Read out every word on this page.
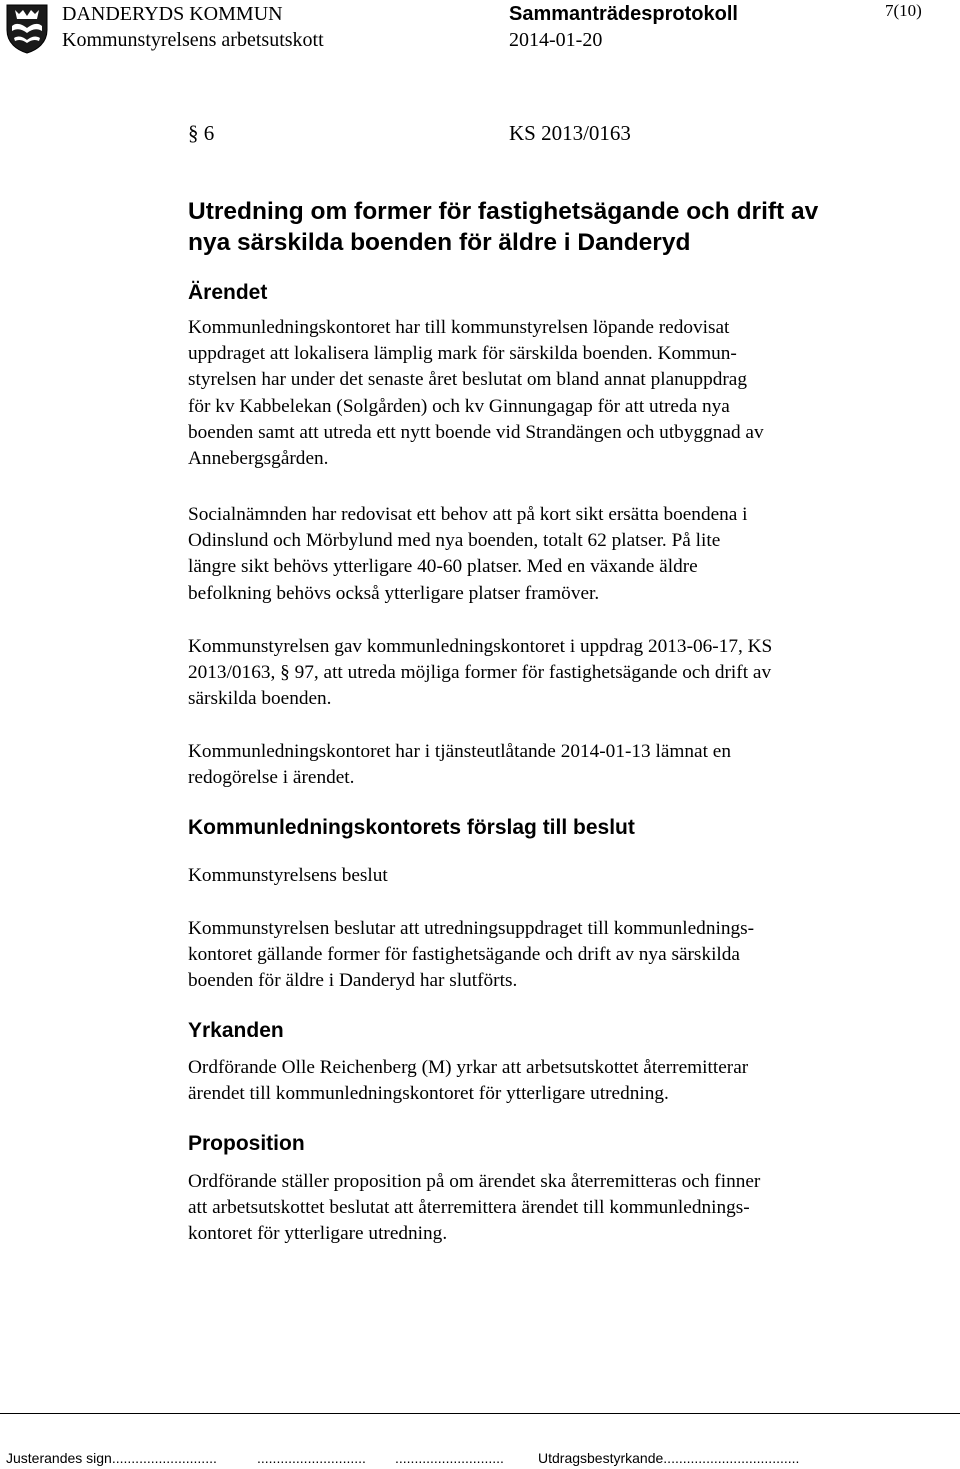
DANDERYDS KOMMUN
Kommunstyrelsens arbetsutskott
Sammanträdesprotokoll
2014-01-20
7(10)
§ 6	KS 2013/0163
Utredning om former för fastighetsägande och drift av
nya särskilda boenden för äldre i Danderyd
Ärendet
Kommunledningskontoret har till kommunstyrelsen löpande redovisat
uppdraget att lokalisera lämplig mark för särskilda boenden. Kommun-
styrelsen har under det senaste året beslutat om bland annat planuppdrag
för kv Kabbelekan (Solgården) och kv Ginnungagap för att utreda nya
boenden samt att utreda ett nytt boende vid Strandängen och utbyggnad av
Annebergsgården.
Socialnämnden har redovisat ett behov att på kort sikt ersätta boendena i
Odinslund och Mörbylund med nya boenden, totalt 62 platser. På lite
längre sikt behövs ytterligare 40-60 platser. Med en växande äldre
befolkning behövs också ytterligare platser framöver.
Kommunstyrelsen gav kommunledningskontoret i uppdrag 2013-06-17, KS
2013/0163, § 97, att utreda möjliga former för fastighetsägande och drift av
särskilda boenden.
Kommunledningskontoret har i tjänsteutlåtande 2014-01-13 lämnat en
redogörelse i ärendet.
Kommunledningskontorets förslag till beslut
Kommunstyrelsens beslut
Kommunstyrelsen beslutar att utredningsuppdraget till kommunlednings-
kontoret gällande former för fastighetsägande och drift av nya särskilda
boenden för äldre i Danderyd har slutförts.
Yrkanden
Ordförande Olle Reichenberg (M) yrkar att arbetsutskottet återremitterar
ärendet till kommunledningskontoret för ytterligare utredning.
Proposition
Ordförande ställer proposition på om ärendet ska återremitteras och finner
att arbetsutskottet beslutat att återremittera ärendet till kommunlednings-
kontoret för ytterligare utredning.
Justerandes sign...........................	............................ ............................ Utdragsbestyrkande...................................
